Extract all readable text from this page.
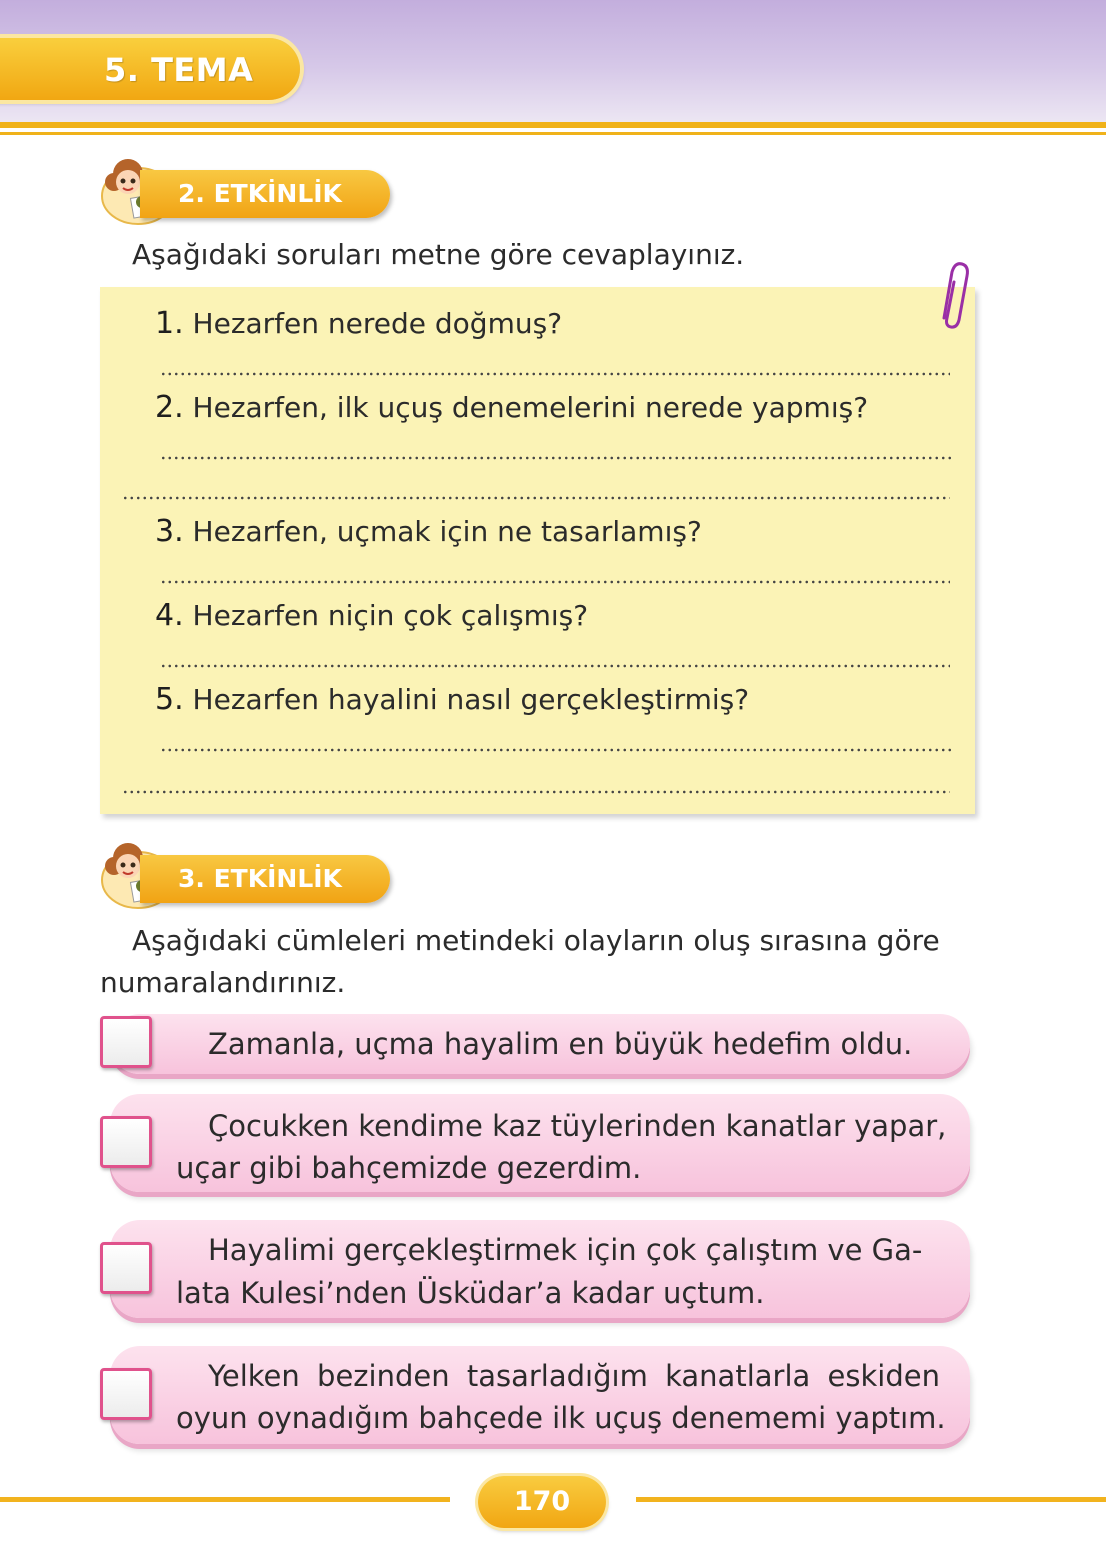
5. TEMA
2. ETKİNLİK

Aşağıdaki soruları metne göre cevaplayınız.

1. Hezarfen nerede doğmuş?
2. Hezarfen, ilk uçuş denemelerini nerede yapmış?
3. Hezarfen, uçmak için ne tasarlamış?
4. Hezarfen niçin çok çalışmış?
5. Hezarfen hayalini nasıl gerçekleştirmiş?
3. ETKİNLİK

Aşağıdaki cümleleri metindeki olayların oluş sırasına göre

numaralandırınız.

Zamanla, uçma hayalim en büyük hedefim oldu.

Çocukken kendime kaz tüylerinden kanatlar yapar,

uçar gibi bahçemizde gezerdim.

Hayalimi gerçekleştirmek için çok çalıştım ve Ga-

lata Kulesi’nden Üsküdar’a kadar uçtum.

Yelken bezinden tasarladığım kanatlarla eskiden

oyun oynadığım bahçede ilk uçuş denememi yaptım.

170
